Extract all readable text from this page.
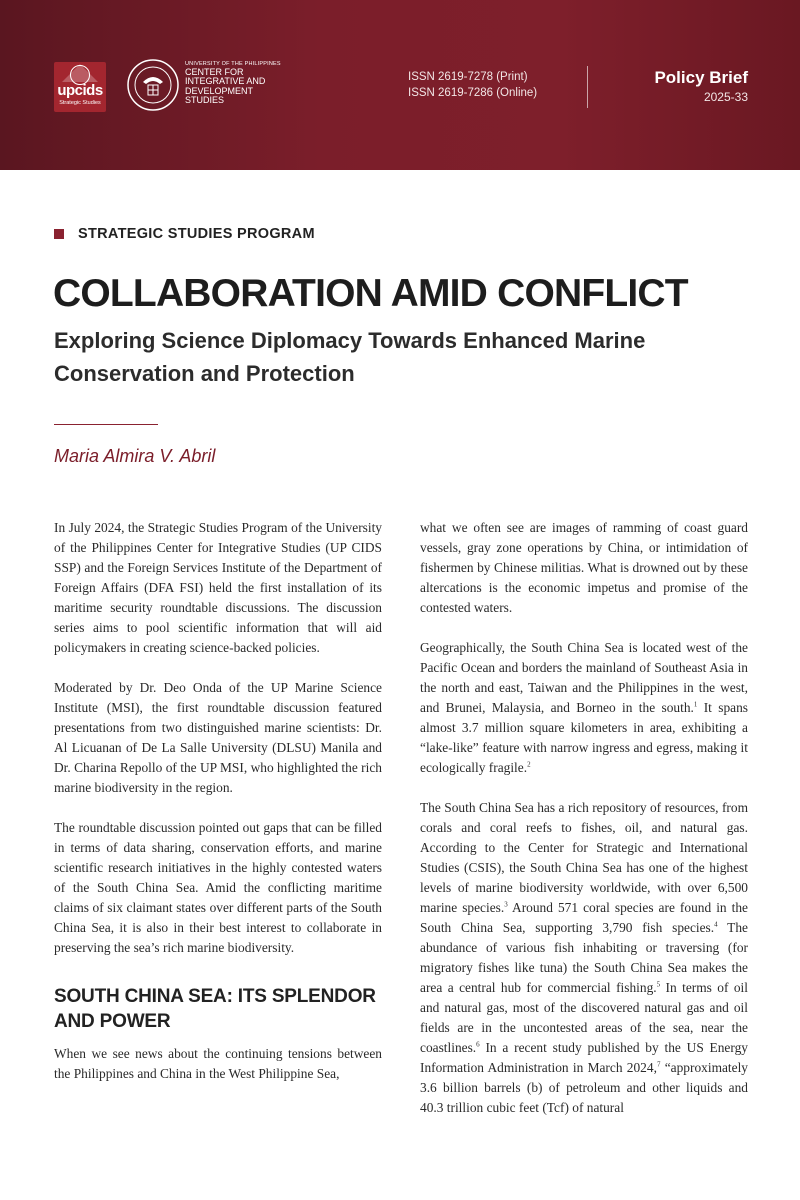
upcids
Strategic Studies
UNIVERSITY OF THE PHILIPPINES
CENTER FOR
INTEGRATIVE AND
DEVELOPMENT
STUDIES
ISSN 2619-7278 (Print)
ISSN 2619-7286 (Online)
Policy Brief
2025-33
STRATEGIC STUDIES PROGRAM
COLLABORATION AMID CONFLICT
Exploring Science Diplomacy Towards Enhanced Marine Conservation and Protection
Maria Almira V. Abril

In July 2024, the Strategic Studies Program of the University of the Philippines Center for Integrative Studies (UP CIDS SSP) and the Foreign Services Institute of the Department of Foreign Affairs (DFA FSI) held the first installation of its maritime security roundtable discussions. The discussion series aims to pool scientific information that will aid policymakers in creating science-backed policies.

Moderated by Dr. Deo Onda of the UP Marine Science Institute (MSI), the first roundtable discussion featured presentations from two distinguished marine scientists: Dr. Al Licuanan of De La Salle University (DLSU) Manila and Dr. Charina Repollo of the UP MSI, who highlighted the rich marine biodiversity in the region.

The roundtable discussion pointed out gaps that can be filled in terms of data sharing, conservation efforts, and marine scientific research initiatives in the highly contested waters of the South China Sea. Amid the conflicting maritime claims of six claimant states over different parts of the South China Sea, it is also in their best interest to collaborate in preserving the sea’s rich marine biodiversity.

SOUTH CHINA SEA: ITS SPLENDOR AND POWER

When we see news about the continuing tensions between the Philippines and China in the West Philippine Sea,

what we often see are images of ramming of coast guard vessels, gray zone operations by China, or intimidation of fishermen by Chinese militias. What is drowned out by these altercations is the economic impetus and promise of the contested waters.

Geographically, the South China Sea is located west of the Pacific Ocean and borders the mainland of Southeast Asia in the north and east, Taiwan and the Philippines in the west, and Brunei, Malaysia, and Borneo in the south.$^1$ It spans almost 3.7 million square kilometers in area, exhibiting a “lake-like” feature with narrow ingress and egress, making it ecologically fragile.$^2$

The South China Sea has a rich repository of resources, from corals and coral reefs to fishes, oil, and natural gas. According to the Center for Strategic and International Studies (CSIS), the South China Sea has one of the highest levels of marine biodiversity worldwide, with over 6,500 marine species.$^3$ Around 571 coral species are found in the South China Sea, supporting 3,790 fish species.$^4$ The abundance of various fish inhabiting or traversing (for migratory fishes like tuna) the South China Sea makes the area a central hub for commercial fishing.$^5$ In terms of oil and natural gas, most of the discovered natural gas and oil fields are in the uncontested areas of the sea, near the coastlines.$^6$ In a recent study published by the US Energy Information Administration in March 2024,$^7$ “approximately 3.6 billion barrels (b) of petroleum and other liquids and 40.3 trillion cubic feet (Tcf) of natural
